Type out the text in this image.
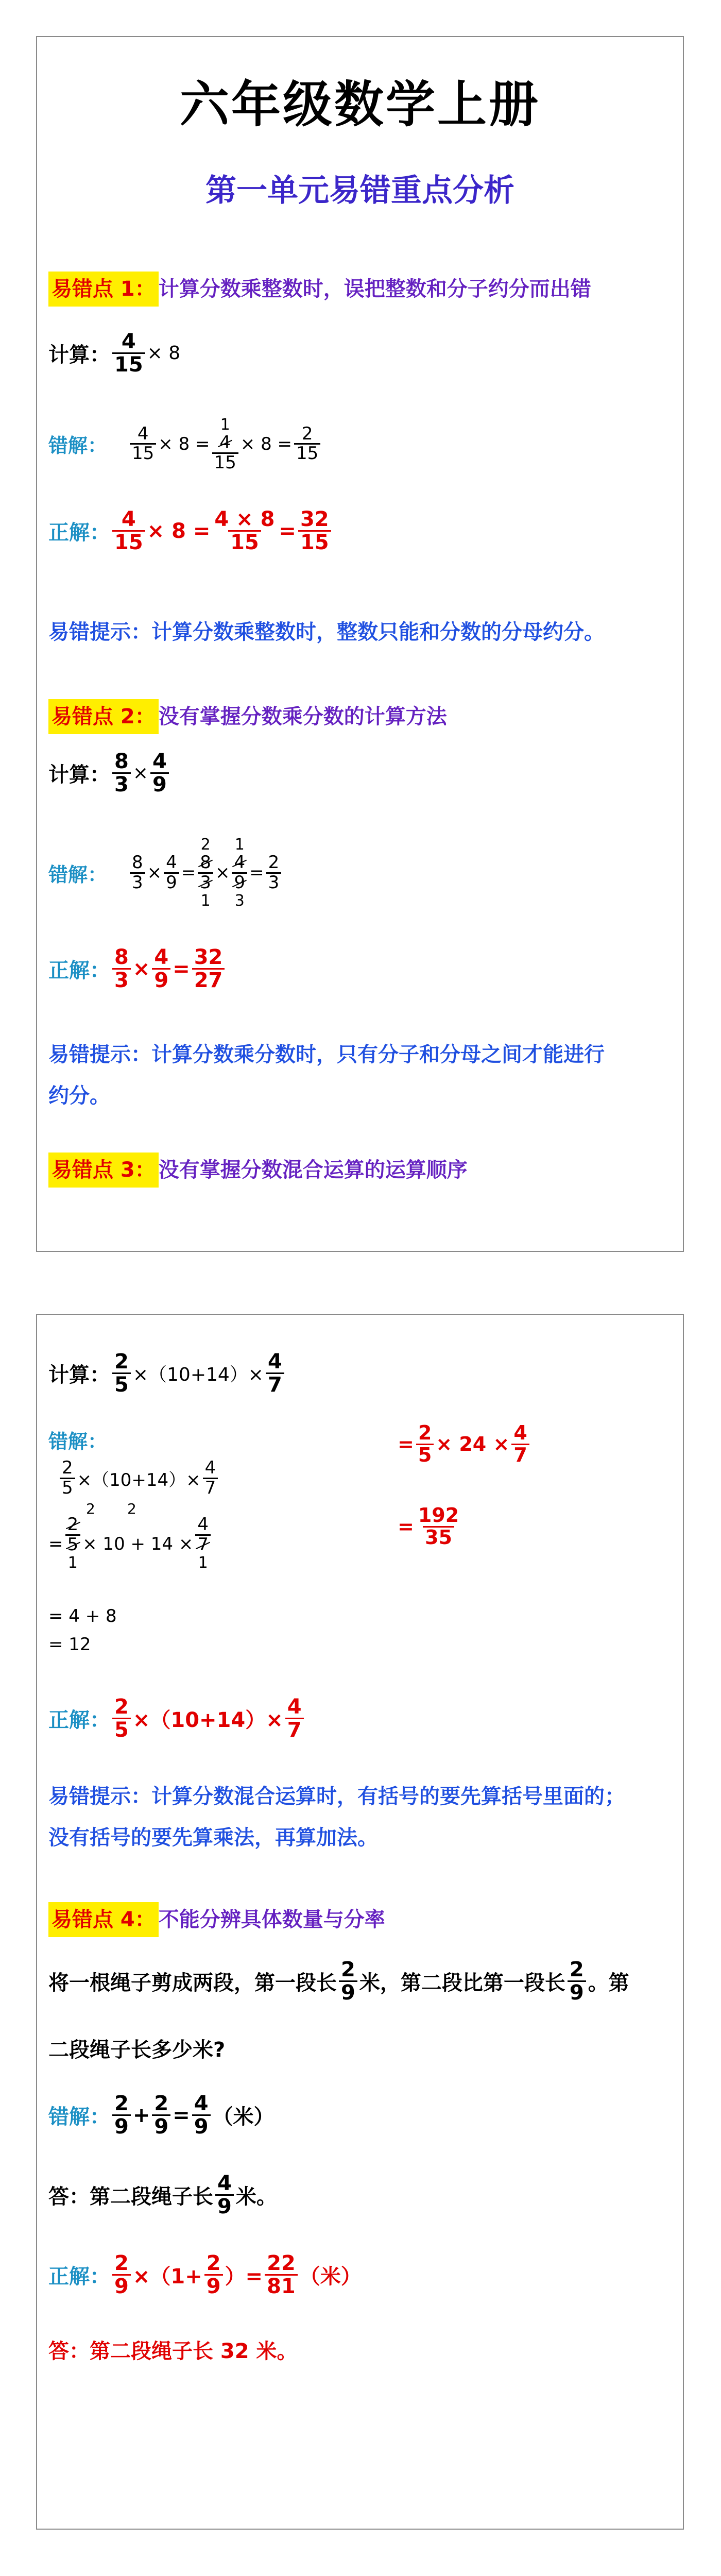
六年级数学上册
第一单元易错重点分析
易错点 1： 计算分数乘整数时，误把整数和分子约分而出错
计算： $\frac{4}{15} \times 8$
错解： $\frac{4}{15} \times 8$ =
1
$\frac{4}{15} \times 8 = \frac{2}{15}$
正解： $\frac{4}{15} \times 8 = \frac{4 \times 8}{15} = \frac{32}{15}$
易错提示：计算分数乘整数时，整数只能和分数的分母约分。
易错点 2： 没有掌握分数乘分数的计算方法
计算： $\frac{8}{3} \times \frac{4}{9}$
错解： $\frac{8}{3} \times \frac{4}{9}$ =
2
$\frac{8}{3}$
1
×
1
$\frac{4}{9}$
3
= $\frac{2}{3}$
正解： $\frac{8}{3} \times \frac{4}{9} = \frac{32}{27}$
易错提示：计算分数乘分数时，只有分子和分母之间才能进行
约分。
易错点 3： 没有掌握分数混合运算的运算顺序
计算： $\frac{2}{5} \times(10+14)\times \frac{4}{7}$
错解：
$\frac{2}{5} \times(10+14)\times \frac{4}{7}$
= $\frac{2}{5}$
1
× $10 + 14 \times \frac{4}{7}$
1
2 2
= 4 + 8
= 12
= $\frac{2}{5} \times 24 \times \frac{4}{7}$
= $\frac{192}{35}$
正解： $\frac{2}{5} \times(10+14)\times \frac{4}{7}$
易错提示：计算分数混合运算时，有括号的要先算括号里面的；
没有括号的要先算乘法，再算加法。
易错点 4： 不能分辨具体数量与分率
将一根绳子剪成两段，第一段长 $\frac{2}{9}$ 米，第二段比第一段长 $\frac{2}{9}$ 。第
二段绳子长多少米?
错解： $\frac{2}{9} + \frac{2}{9} = \frac{4}{9}$ （米）
答：第二段绳子长 $\frac{4}{9}$ 米。
正解： $\frac{2}{9} \times(1+ \frac{2}{9}$ ）= $\frac{22}{81}$ （米）
答：第二段绳子长 32 米。
